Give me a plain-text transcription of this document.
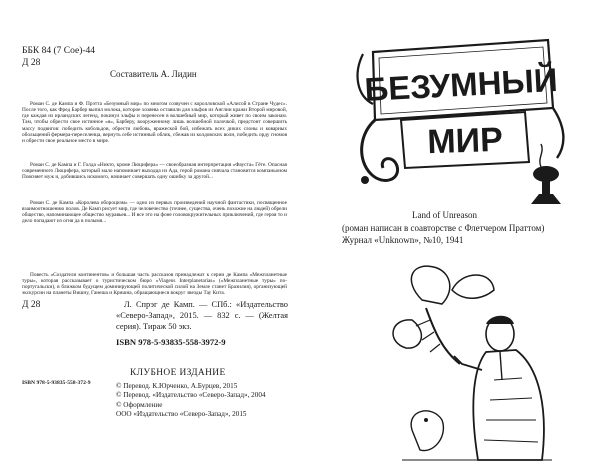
ББК 84 (7 Сое)-44
Д 28
Составитель А. Лидин

Роман С. де Кампа и Ф. Прэтта «Безумный мир» по многом созвучен с королловской «Алисой в Стране Чудес». После того, как Фред Барбер выпил молока, которое хозяева оставили для эльфов из Англии кражи Второй мировой, где каждая из ирландских легенд, покинул эльфы и перенесен в волшебный мир, который живет по своим законам. Там, чтобы обрести свое истинное «я», Барберу, вооруженному лишь волшебной палочкой, предстоит совершить массу подвигов: победить кобольдов, обрести любовь, вражеской бой, избежать всех диких слоны и коварных обольщений фермера-переселенца, вернуть себе истинный облик, сбежав из колдовских волн, победить орду гномов и обрести свое реальное место в мире.

Роман С. де Кампа и Г. Голда «Никто, кроме Люцифера» — своеобразная интерпретация «Фауста» Гёте. Опасная современного Люцифера, который мало напоминает выходца из Ада, герой романа снячала становится компаньоном Поясняет муж и, добившись искомого, начинает совершать одну ошибку за другой...

Роман С. де Кампа «Королева обороцизм» — одно из первых произведений научной фантастики, посвященное взаимоотношению полов. Де Камп рисует мир, где человечество (точнее, существа, очень похожие на людей) обрели общество, напоминающее общество муравьев... И все это на фоне головокружительных приключений, где героя то и дело попадают из огня да в полымя...

Повесть «Создатели континентов» и большая часть рассказов принадлежат к серии де Кампа «Межпланетные туры», которая рассказывает о туристическом бюро «Viagens Interplanetarias» («Межпланетные туры» по-португальски), в ближком будущем доминирующей политической силой на Земле станет Бразилия), организующей экскурсии на планеты Вишну, Ганеша и Кришна, обращающиеся вокруг звезды Тау Кита.

Д 28	Л. Спрэг де Камп. — СПб.: «Издательство «Северо-Запад», 2015. — 832 с. — (Желтая серия). Тираж 50 экз.
ISBN 978-5-93835-558-3972-9
КЛУБНОЕ ИЗДАНИЕ
ISBN 978-5-93835-558-372-9	© Перевод. К.Юрченко, А.Бурцев, 2015
© Перевод. «Издательство «Северо-Запад», 2004
© Оформление
ООО «Издательство «Северо-Запад», 2015
БЕЗУМНЫЙ
МИР
Land of Unreason
(роман написан в соавторстве с Флетчером Праттом)
Журнал «Unknown», №10, 1941
